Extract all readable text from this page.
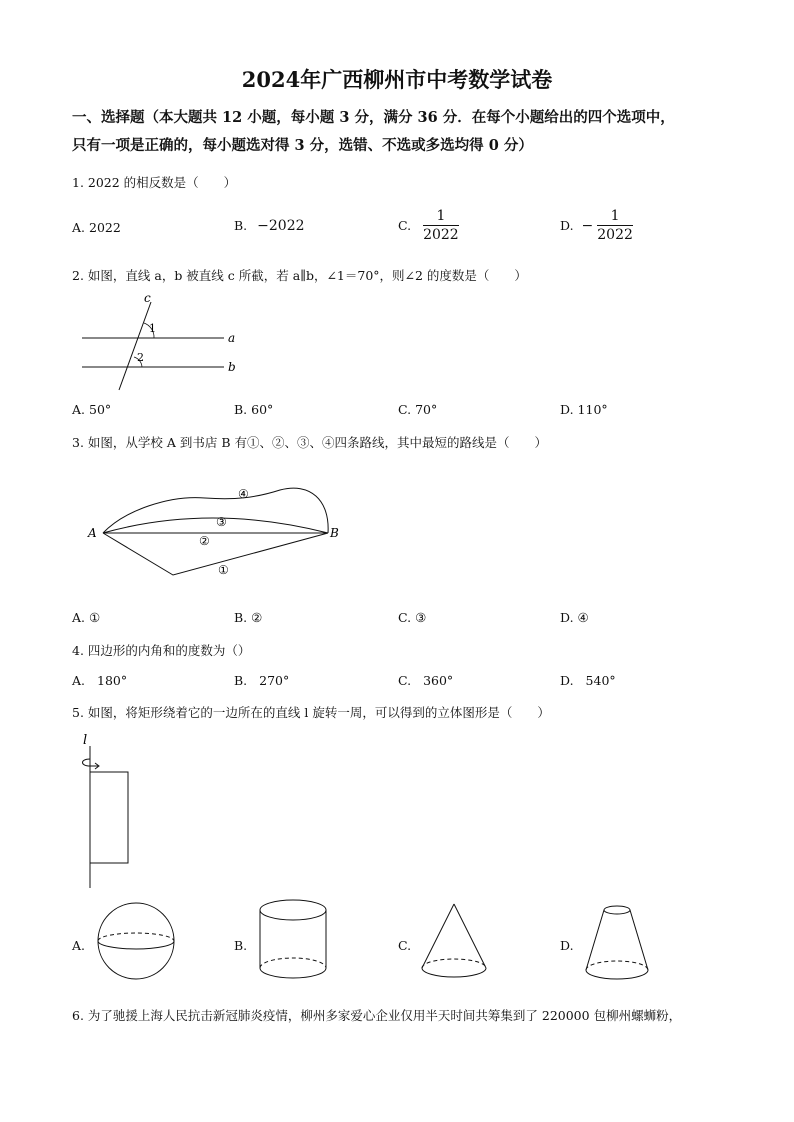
2024年广西柳州市中考数学试卷
一、选择题（本大题共 12 小题，每小题 3 分，满分 36 分．在每个小题给出的四个选项中，
只有一项是正确的，每小题选对得 3 分，选错、不选或多选均得 0 分）
1. 2022 的相反数是（　　）
A. 2022	B. −2022	C. $\frac{1}{2022}$	D. − $\frac{1}{2022}$
2. 如图，直线 a，b 被直线 c 所截，若 a∥b，∠1＝70°，则∠2 的度数是（　　）
c
1
2
a
b
A. 50°	B. 60°	C. 70°	D. 110°
3. 如图，从学校 A 到书店 B 有①、②、③、④四条路线，其中最短的路线是（　　）
A	B
①
②
③
④
A. ①	B. ②	C. ③	D. ④
4. 四边形的内角和的度数为（）
A. 180°	B. 270°	C. 360°	D. 540°
5. 如图，将矩形绕着它的一边所在的直线 l 旋转一周，可以得到的立体图形是（　　）
l
A.	B.	C.	D.
6. 为了驰援上海人民抗击新冠肺炎疫情，柳州多家爱心企业仅用半天时间共筹集到了 220000 包柳州螺蛳粉，
